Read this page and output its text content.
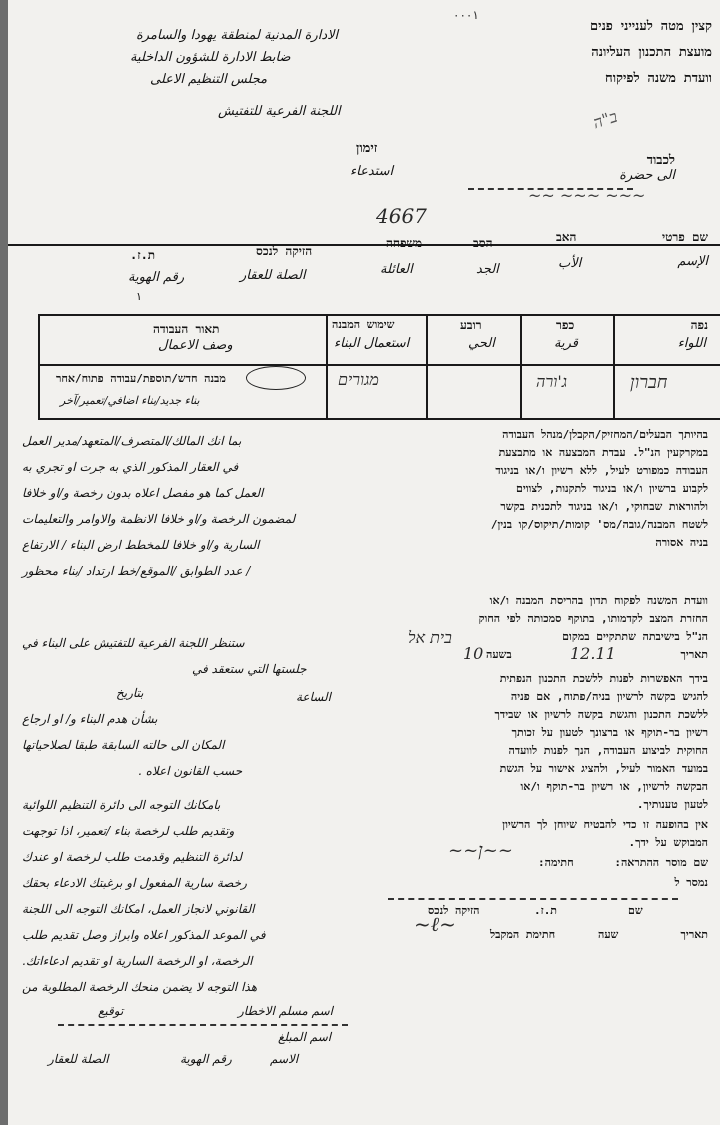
קצין מטה לענייני פנים
מועצת התכנון העליונה
וועדת משנה לפיקוח
الادارة المدنية لمنطقة يهودا والسامرة
ضابط الادارة للشؤون الداخلية
مجلس التنظيم الاعلى
اللجنة الفرعية للتفتيش
٠٠٠١
ב"ה
לכבוד
الى حضرة
זימון
استدعاء
~~ ~~~ ~~~
4667
שם פרטי
האב
הסב
משפחה
הזיקה לנכס
ת.ז.	الإسم
الأب
الجد
العائلة
الصلة للعقار
رقم الهوية
١
נפה
اللواء
כפר
قرية
רובע
الحي
שימוש המבנה
استعمال البناء
תאור העבודה
وصف الاعمال
חברון
ג'ורה
מגורים
מבנה חדש/תוספת/עבודה פתוח/אחר
بناء جديد/بناء اضافي/تعمير/آخر
בהיותך הבעלים/המחזיק/הקבלן/מנהל העבודה
במקרקעין הנ"ל. עבדת המבצעה או מתבצעת
העבודה כמפורט לעיל, ללא רשיון ו/או בניגוד
לקבוע ברשיון ו/או בניגוד לתקנות, לצווים
ולהוראות שבחוקי, ו/או בניגוד לתכנית בקשר
לשטח המבנה/גובה/מס' קומות/תיקוס/קו בנין/
בניה אסורה
بما انك المالك/المتصرف/المتعهد/مدير العمل
في العقار المذكور الذي به جرت او تجري به
العمل كما هو مفصل اعلاه بدون رخصة و/او خلافا
لمضمون الرخصة و/او خلافا الانظمة والاوامر والتعليمات
السارية و/او خلافا للمخطط ارض البناء / الارتفاع
/ عدد الطوابق /الموقع/خط ارتداد /بناء محظور
וועדת המשנה לפקוח תדון בהריסת המבנה ו/או
החזרת המצב לקדמותו, בתוקף סמכותה לפי החוק
הנ"ל בישיבתה שתתקיים במקום
תאריך
בשעה
בית אל
12.11
10
ستنظر اللجنة الفرعية للتفتيش على البناء في
جلستها التي ستعقد في
بتاريخ	الساعة
بشأن هدم البناء و/ او ارجاع
المكان الى حالته السابقة طبقا لصلاحياتها
حسب القانون اعلاه .
בידך האפשרות לפנות ללשכת התכנון הנפתית
להגיש בקשה לרשיון בניה/פתוח, אם פניה
ללשכת התכנון והגשת בקשה לרשיון או שבידך
רשיון בר-תוקף או ברצונך לטעון על זכותך
החוקית לביצוע העבודה, הנך לפנות לוועדה
במועד האמור לעיל, ולהציג אישור על הגשת
הבקשה לרשיון, או רשיון בר-תוקף ו/או
לטעון טענותיך.
אין בהופעה זו כדי להבטיח שיוחן לך הרשיון
המבוקש על ידך.
שם מוסר ההתראה:
חתימה:
~~ן~~
נמסר ל
שם
ת.ז.
הזיקה לנכס
תאריך
שעה
חתימת המקבל
~ℓ~
بامكانك التوجه الى دائرة التنظيم اللوائية
وتقديم طلب لرخصة بناء /تعمير، اذا توجهت
لدائرة التنظيم وقدمت طلب لرخصة او عندك
رخصة سارية المفعول او برغبتك الادعاء بحقك
القانوني لانجاز العمل، امكانك التوجه الى اللجنة
في الموعد المذكور اعلاه وابراز وصل تقديم طلب
الرخصة، او الرخصة السارية او تقديم ادعاءاتك.
هذا التوجه لا يضمن منحك الرخصة المطلوبة من
اسم مسلم الاخطار
توقيع
اسم المبلغ
الاسم
رقم الهوية
الصلة للعقار
